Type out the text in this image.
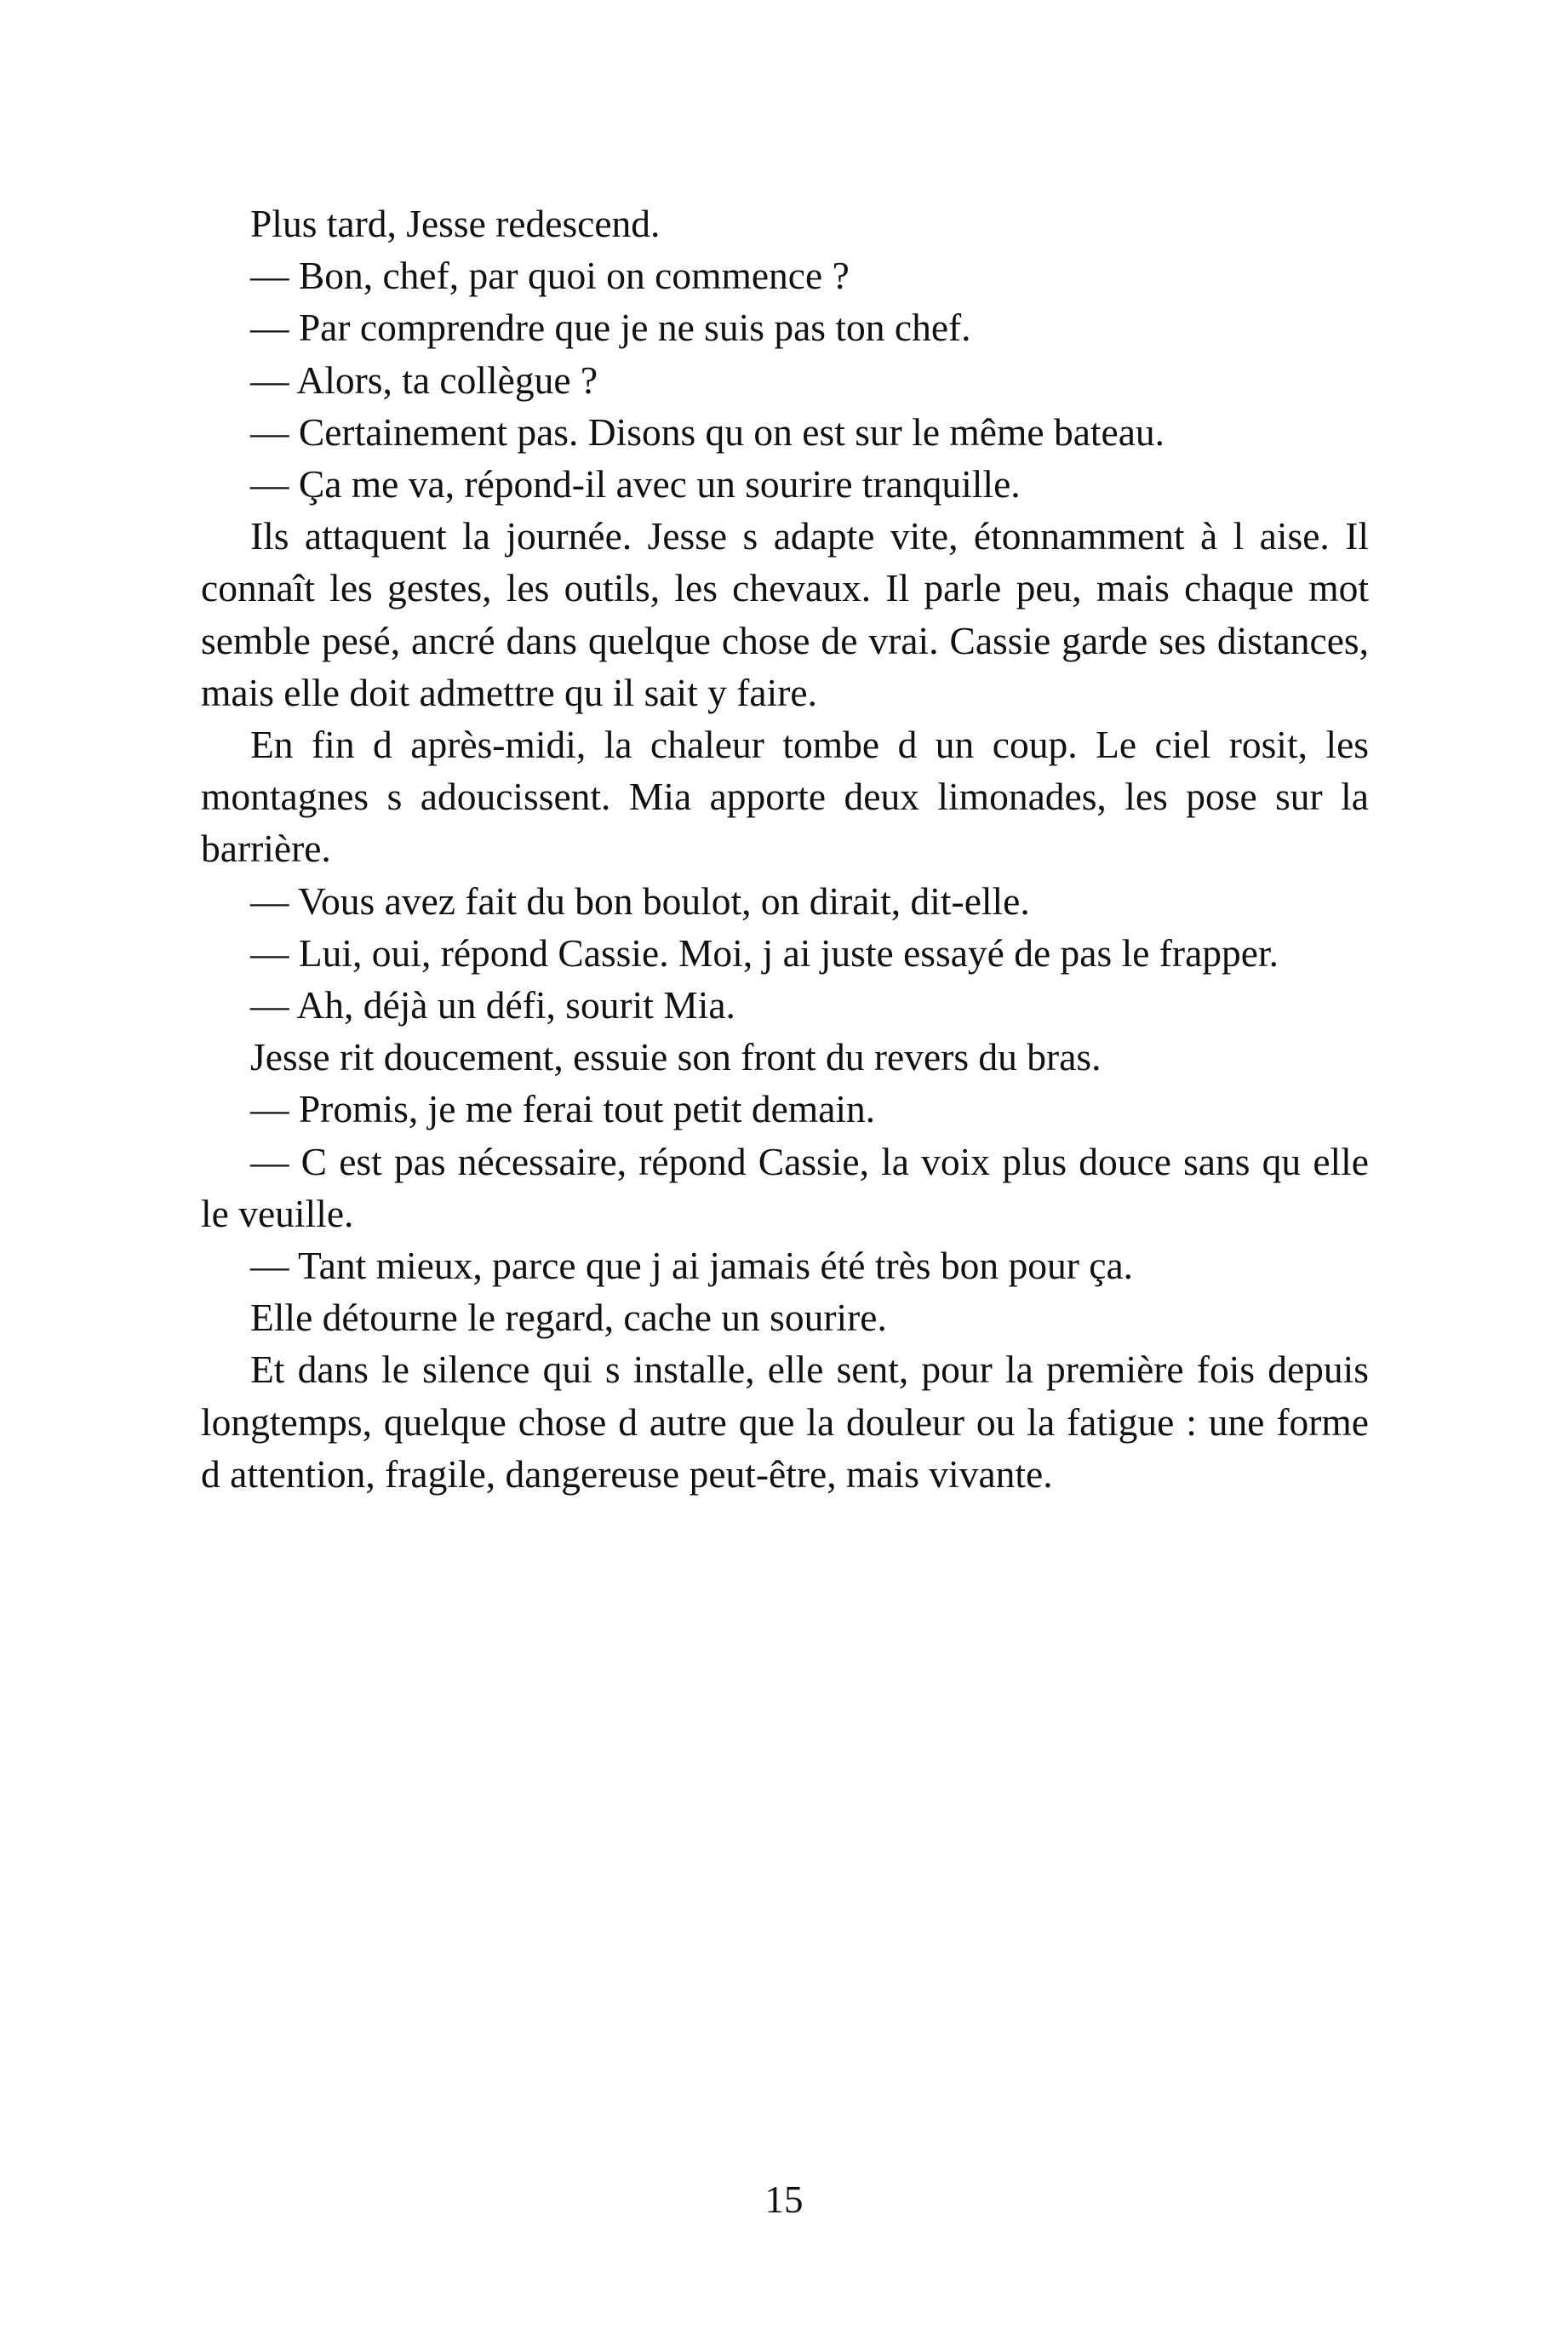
Plus tard, Jesse redescend.

— Bon, chef, par quoi on commence ?

— Par comprendre que je ne suis pas ton chef.

— Alors, ta collègue ?

— Certainement pas. Disons qu on est sur le même bateau.

— Ça me va, répond-il avec un sourire tranquille.

Ils attaquent la journée. Jesse s adapte vite, étonnamment à l aise. Il connaît les gestes, les outils, les chevaux. Il parle peu, mais chaque mot semble pesé, ancré dans quelque chose de vrai. Cassie garde ses distances, mais elle doit admettre qu il sait y faire.

En fin d après-midi, la chaleur tombe d un coup. Le ciel rosit, les montagnes s adoucissent. Mia apporte deux limonades, les pose sur la barrière.

— Vous avez fait du bon boulot, on dirait, dit-elle.

— Lui, oui, répond Cassie. Moi, j ai juste essayé de pas le frapper.

— Ah, déjà un défi, sourit Mia.

Jesse rit doucement, essuie son front du revers du bras.

— Promis, je me ferai tout petit demain.

— C est pas nécessaire, répond Cassie, la voix plus douce sans qu elle le veuille.

— Tant mieux, parce que j ai jamais été très bon pour ça.

Elle détourne le regard, cache un sourire.

Et dans le silence qui s installe, elle sent, pour la première fois depuis longtemps, quelque chose d autre que la douleur ou la fatigue : une forme d attention, fragile, dangereuse peut-être, mais vivante.

15
